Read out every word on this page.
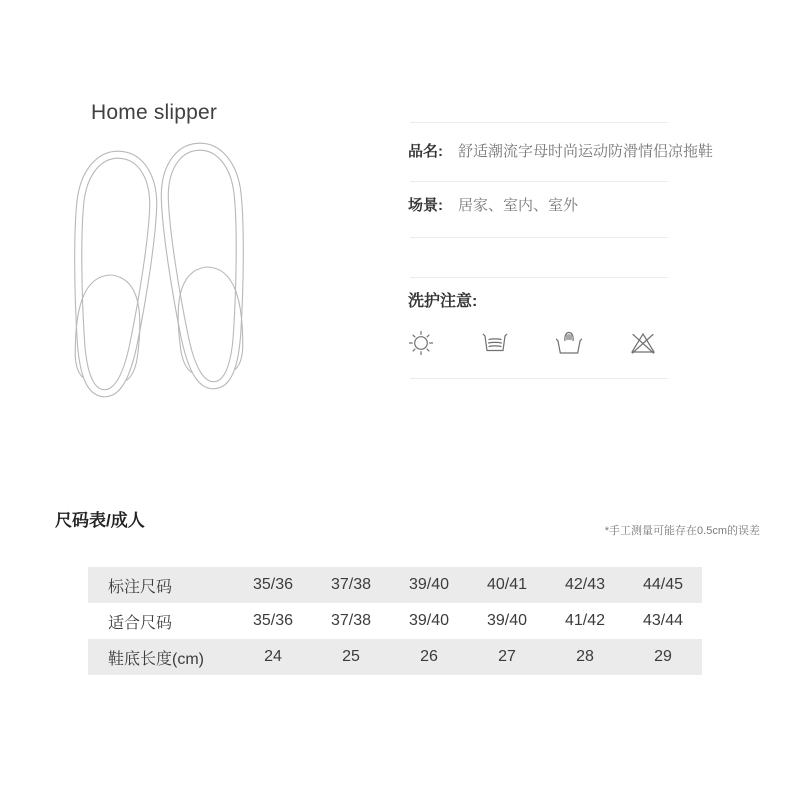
Home slipper
品名: 舒适潮流字母时尚运动防滑情侣凉拖鞋
场景: 居家、室内、室外
洗护注意:
尺码表/成人
*手工测量可能存在0.5cm的误差
标注尺码	35/36	37/38	39/40	40/41	42/43	44/45
适合尺码	35/36	37/38	39/40	39/40	41/42	43/44
鞋底长度(cm)	24	25	26	27	28	29
